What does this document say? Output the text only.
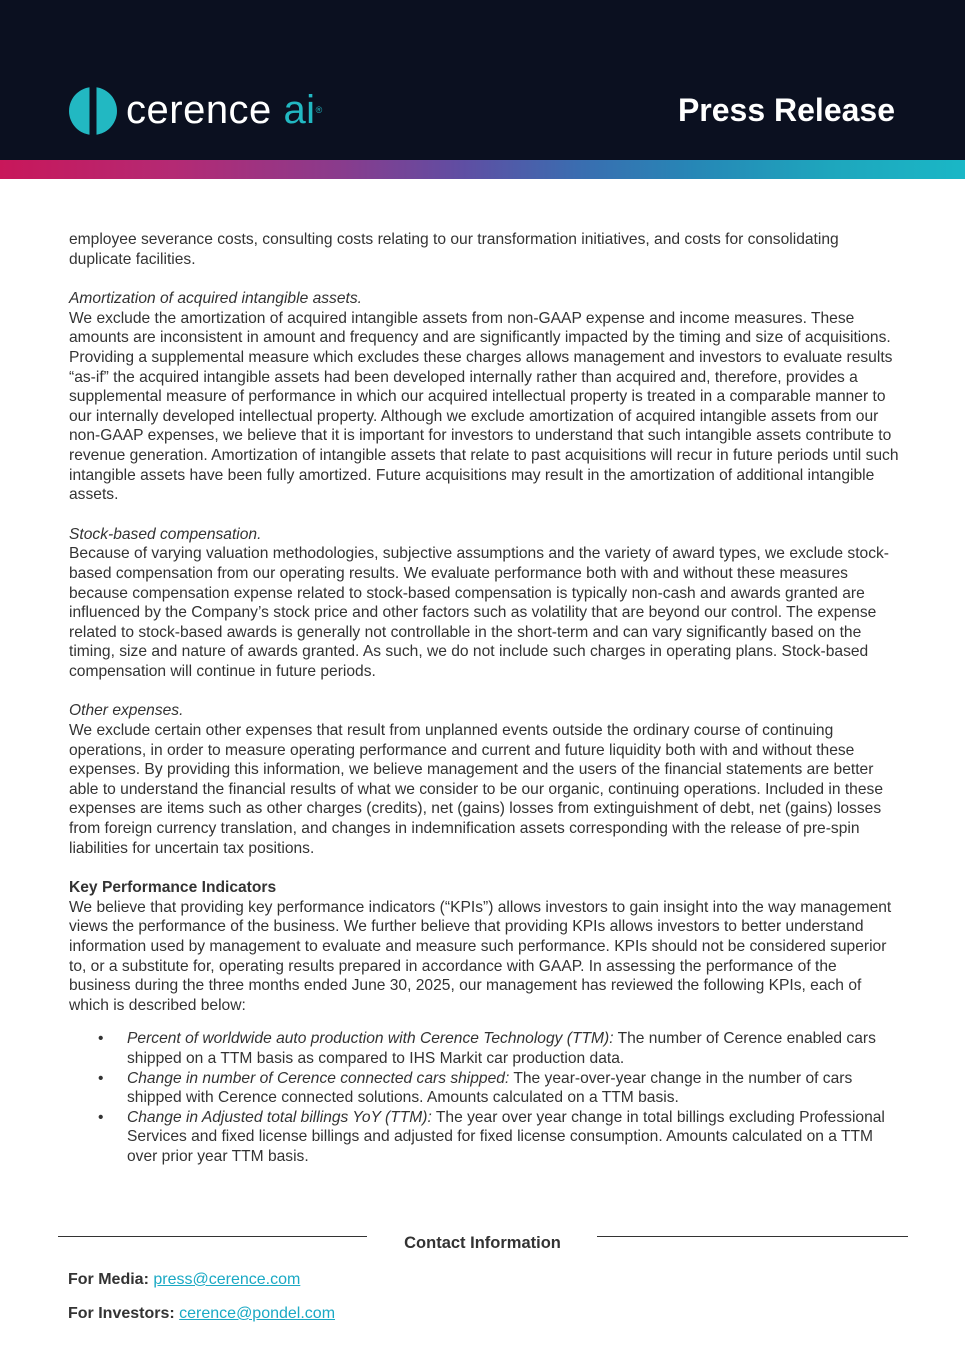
cerence ai®	Press Release

employee severance costs, consulting costs relating to our transformation initiatives, and costs for consolidating duplicate facilities.

Amortization of acquired intangible assets.

We exclude the amortization of acquired intangible assets from non-GAAP expense and income measures. These amounts are inconsistent in amount and frequency and are significantly impacted by the timing and size of acquisitions. Providing a supplemental measure which excludes these charges allows management and investors to evaluate results “as-if” the acquired intangible assets had been developed internally rather than acquired and, therefore, provides a supplemental measure of performance in which our acquired intellectual property is treated in a comparable manner to our internally developed intellectual property. Although we exclude amortization of acquired intangible assets from our non-GAAP expenses, we believe that it is important for investors to understand that such intangible assets contribute to revenue generation. Amortization of intangible assets that relate to past acquisitions will recur in future periods until such intangible assets have been fully amortized. Future acquisitions may result in the amortization of additional intangible assets.

Stock-based compensation.

Because of varying valuation methodologies, subjective assumptions and the variety of award types, we exclude stock-based compensation from our operating results. We evaluate performance both with and without these measures because compensation expense related to stock-based compensation is typically non-cash and awards granted are influenced by the Company’s stock price and other factors such as volatility that are beyond our control. The expense related to stock-based awards is generally not controllable in the short-term and can vary significantly based on the timing, size and nature of awards granted. As such, we do not include such charges in operating plans. Stock-based compensation will continue in future periods.

Other expenses.

We exclude certain other expenses that result from unplanned events outside the ordinary course of continuing operations, in order to measure operating performance and current and future liquidity both with and without these expenses. By providing this information, we believe management and the users of the financial statements are better able to understand the financial results of what we consider to be our organic, continuing operations. Included in these expenses are items such as other charges (credits), net (gains) losses from extinguishment of debt, net (gains) losses from foreign currency translation, and changes in indemnification assets corresponding with the release of pre-spin liabilities for uncertain tax positions.

Key Performance Indicators

We believe that providing key performance indicators (“KPIs”) allows investors to gain insight into the way management views the performance of the business. We further believe that providing KPIs allows investors to better understand information used by management to evaluate and measure such performance. KPIs should not be considered superior to, or a substitute for, operating results prepared in accordance with GAAP. In assessing the performance of the business during the three months ended June 30, 2025, our management has reviewed the following KPIs, each of which is described below:

• Percent of worldwide auto production with Cerence Technology (TTM): The number of Cerence enabled cars shipped on a TTM basis as compared to IHS Markit car production data.
• Change in number of Cerence connected cars shipped: The year-over-year change in the number of cars shipped with Cerence connected solutions. Amounts calculated on a TTM basis.
• Change in Adjusted total billings YoY (TTM): The year over year change in total billings excluding Professional Services and fixed license billings and adjusted for fixed license consumption. Amounts calculated on a TTM over prior year TTM basis.
Contact Information
For Media: press@cerence.com
For Investors: cerence@pondel.com
